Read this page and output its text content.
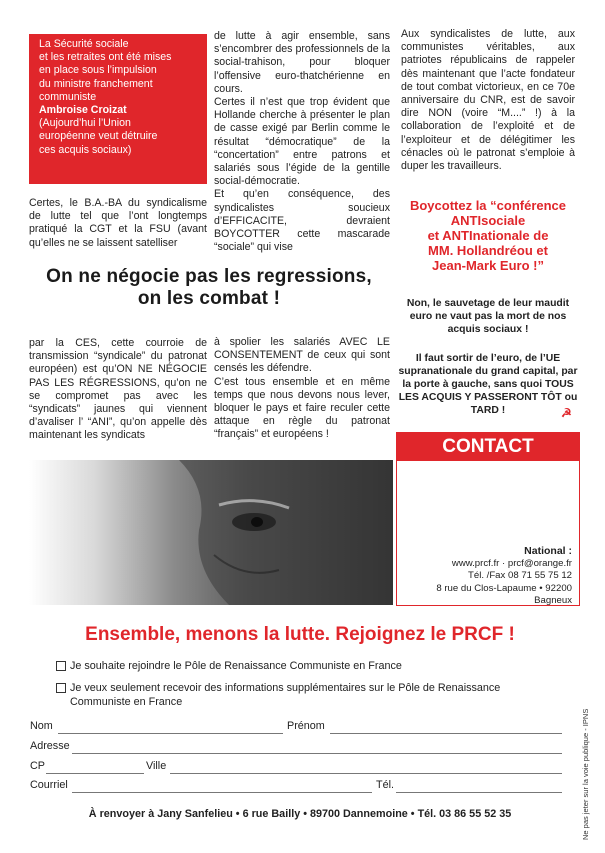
La Sécurité sociale
et les retraites ont été mises
en place sous l’impulsion
du ministre franchement
communiste
Ambroise Croizat
(Aujourd’hui l’Union
européenne veut détruire
ces acquis sociaux)
Certes, le B.A.-BA du syndicalisme de lutte tel que l’ont longtemps pratiqué la CGT et la FSU (avant qu’elles ne se laissent satelliser

de lutte à agir ensemble, sans s’encombrer des professionnels de la social-trahison, pour bloquer l’offensive euro-thatchérienne en cours.

Certes il n’est que trop évident que Hollande cherche à présenter le plan de casse exigé par Berlin comme le résultat “démocratique” de la “concertation” entre patrons et salariés sous l’égide de la gentille social-démocratie.

Et qu’en conséquence, des syndicalistes soucieux d’EFFICACITE, devraient BOYCOTTER cette mascarade “sociale” qui vise

Aux syndicalistes de lutte, aux communistes véritables, aux patriotes républicains de rappeler dès maintenant que l’acte fondateur de tout combat victorieux, en ce 70e anniversaire du CNR, est de savoir dire NON (voire “M....” !) à la collaboration de l’exploité et de l’exploiteur et de délégitimer les cénacles où le patronat s’emploie à duper les travailleurs.
On ne négocie pas les regressions,
on les combat !
Boycottez la “conférence
ANTIsociale
et ANTInationale de
MM. Hollandréou et
Jean-Mark Euro !”
Non, le sauvetage de leur maudit euro ne vaut pas la mort de nos acquis sociaux !
Il faut sortir de l’euro, de l’UE supranationale du grand capital, par la porte à gauche, sans quoi TOUS LES ACQUIS Y PASSERONT TÔT ou TARD !	☭
par la CES, cette courroie de transmission “syndicale” du patronat européen) est qu’ON NE NÉGOCIE PAS LES RÉGRESSIONS, qu’on ne se compromet pas avec les “syndicats” jaunes qui viennent d’avaliser l’ “ANI”, qu’on appelle dès maintenant les syndicats

à spolier les salariés AVEC LE CONSENTEMENT de ceux qui sont censés les défendre.

C’est tous ensemble et en même temps que nous devons nous lever, bloquer le pays et faire reculer cette attaque en règle du patronat “français” et européens !

CONTACT
National :
www.prcf.fr · prcf@orange.fr
Tél. /Fax 08 71 55 75 12
8 rue du Clos-Lapaume • 92200 Bagneux
Ensemble, menons la lutte. Rejoignez le PRCF !
Je souhaite rejoindre le Pôle de Renaissance Communiste en France
Je veux seulement recevoir des informations supplémentaires sur le Pôle de Renaissance
Communiste en France
Nom	Prénom
Adresse
CP	Ville
Courriel	Tél.
À renvoyer à Jany Sanfelieu • 6 rue Bailly • 89700 Dannemoine • Tél. 03 86 55 52 35	Ne pas jeter sur la voie publique - IPNS
